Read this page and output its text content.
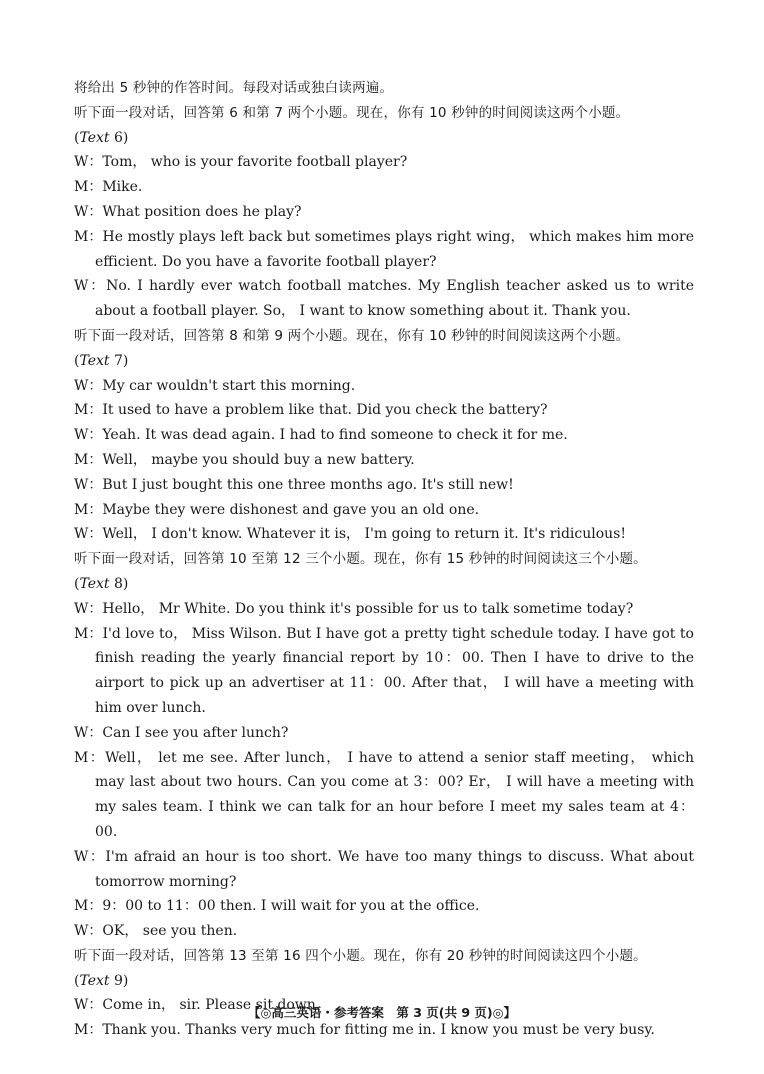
将给出 5 秒钟的作答时间。每段对话或独白读两遍。
听下面一段对话，回答第 6 和第 7 两个小题。现在，你有 10 秒钟的时间阅读这两个小题。
(Text 6)
W：Tom， who is your favorite football player?
M：Mike.
W：What position does he play?
M：He mostly plays left back but sometimes plays right wing， which makes him more efficient. Do you have a favorite football player?
W：No. I hardly ever watch football matches. My English teacher asked us to write about a football player. So， I want to know something about it. Thank you.
听下面一段对话，回答第 8 和第 9 两个小题。现在，你有 10 秒钟的时间阅读这两个小题。
(Text 7)
W：My car wouldn't start this morning.
M：It used to have a problem like that. Did you check the battery?
W：Yeah. It was dead again. I had to find someone to check it for me.
M：Well， maybe you should buy a new battery.
W：But I just bought this one three months ago. It's still new!
M：Maybe they were dishonest and gave you an old one.
W：Well， I don't know. Whatever it is， I'm going to return it. It's ridiculous!
听下面一段对话，回答第 10 至第 12 三个小题。现在，你有 15 秒钟的时间阅读这三个小题。
(Text 8)
W：Hello， Mr White. Do you think it's possible for us to talk sometime today?
M：I'd love to， Miss Wilson. But I have got a pretty tight schedule today. I have got to finish reading the yearly financial report by 10：00. Then I have to drive to the airport to pick up an advertiser at 11：00. After that， I will have a meeting with him over lunch.
W：Can I see you after lunch?
M：Well， let me see. After lunch， I have to attend a senior staff meeting， which may last about two hours. Can you come at 3：00? Er， I will have a meeting with my sales team. I think we can talk for an hour before I meet my sales team at 4：00.
W：I'm afraid an hour is too short. We have too many things to discuss. What about tomorrow morning?
M：9：00 to 11：00 then. I will wait for you at the office.
W：OK， see you then.
听下面一段对话，回答第 13 至第 16 四个小题。现在，你有 20 秒钟的时间阅读这四个小题。
(Text 9)
W：Come in， sir. Please sit down.
M：Thank you. Thanks very much for fitting me in. I know you must be very busy.
【◎高三英语・参考答案　第 3 页(共 9 页)◎】
